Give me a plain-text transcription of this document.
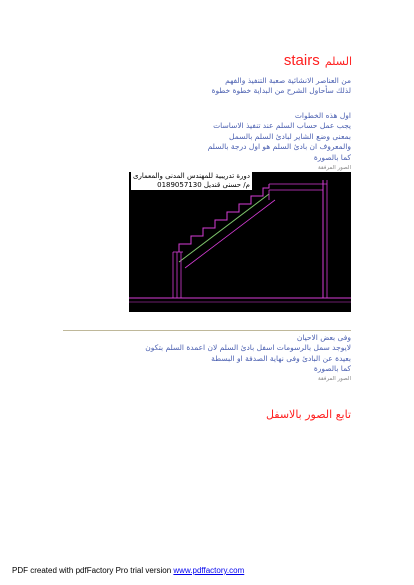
السلم stairs
من العناصر الانشائية صعبة التنفيذ والفهم
لذلك سأحاول الشرح من البداية خطوة خطوة
اول هذه الخطوات
يجب عمل حساب السلم عند تنفيذ الاساسات
بمعنى وضع الشاير لبادئ السلم بالسمل
والمعروف ان بادئ السلم هو اول درجة بالسلم
كما بالصورة
الصور المرفقة
دورة تدريبية للمهندس المدنى والمعمارى
م/ حسنى قنديل 0189057130
وفى بعض الاحيان
لايوجد سمل بالرسومات اسفل بادئ السلم لان اعمدة السلم بتكون
بعيدة عن البادئ وفى نهاية الصدفة او البسطة
كما بالصورة
الصور المرفقة
تابع الصور بالاسفل
PDF created with pdfFactory Pro trial version www.pdffactory.com
